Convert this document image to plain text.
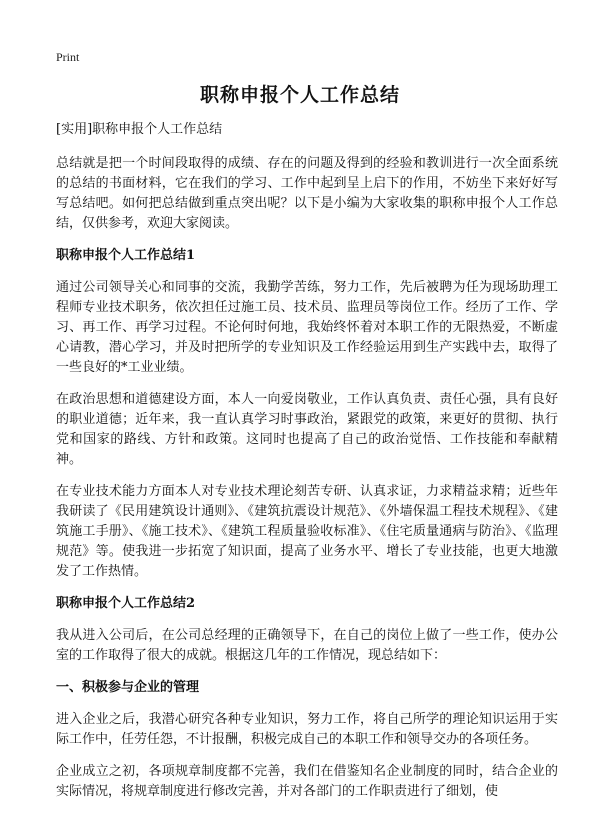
Print
职称申报个人工作总结

[实用]职称申报个人工作总结

总结就是把一个时间段取得的成绩、存在的问题及得到的经验和教训进行一次全面系统的总结的书面材料，它在我们的学习、工作中起到呈上启下的作用，不妨坐下来好好写写总结吧。如何把总结做到重点突出呢？以下是小编为大家收集的职称申报个人工作总结，仅供参考，欢迎大家阅读。

职称申报个人工作总结1

通过公司领导关心和同事的交流，我勤学苦练，努力工作，先后被聘为任为现场助理工程师专业技术职务，依次担任过施工员、技术员、监理员等岗位工作。经历了工作、学习、再工作、再学习过程。不论何时何地，我始终怀着对本职工作的无限热爱，不断虚心请教，潜心学习，并及时把所学的专业知识及工作经验运用到生产实践中去，取得了一些良好的*工业业绩。

在政治思想和道德建设方面，本人一向爱岗敬业，工作认真负责、责任心强，具有良好的职业道德；近年来，我一直认真学习时事政治，紧跟党的政策，来更好的贯彻、执行党和国家的路线、方针和政策。这同时也提高了自己的政治觉悟、工作技能和奉献精神。

在专业技术能力方面本人对专业技术理论刻苦专研、认真求证，力求精益求精；近些年我研读了《民用建筑设计通则》、《建筑抗震设计规范》、《外墙保温工程技术规程》、《建筑施工手册》、《施工技术》、《建筑工程质量验收标准》、《住宅质量通病与防治》、《监理规范》等。使我进一步拓宽了知识面，提高了业务水平、增长了专业技能，也更大地激发了工作热情。

职称申报个人工作总结2

我从进入公司后，在公司总经理的正确领导下，在自己的岗位上做了一些工作，使办公室的工作取得了很大的成就。根据这几年的工作情况，现总结如下：

一、积极参与企业的管理

进入企业之后，我潜心研究各种专业知识，努力工作，将自己所学的理论知识运用于实际工作中，任劳任怨，不计报酬，积极完成自己的本职工作和领导交办的各项任务。

企业成立之初，各项规章制度都不完善，我们在借鉴知名企业制度的同时，结合企业的实际情况，将规章制度进行修改完善，并对各部门的工作职责进行了细划，使
